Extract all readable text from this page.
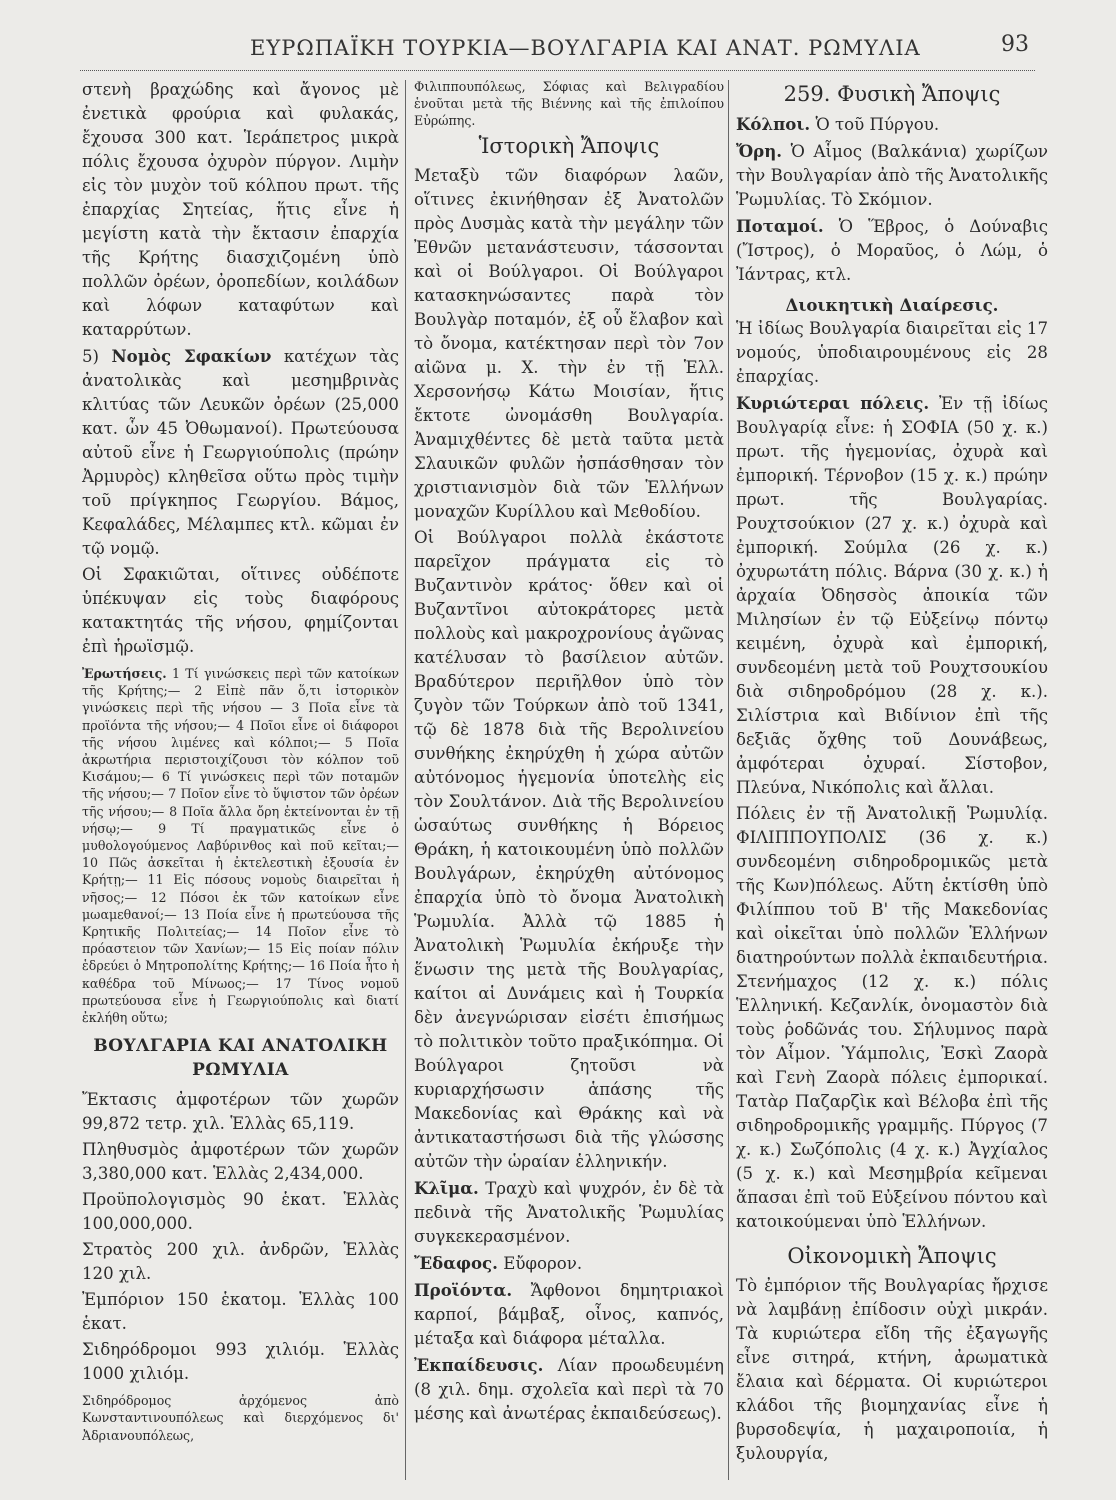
ΕΥΡΩΠΑΪΚΗ ΤΟΥΡΚΙΑ—ΒΟΥΛΓΑΡΙΑ ΚΑΙ ΑΝΑΤ. ΡΩΜΥΛΙΑ	93

στενὴ βραχώδης καὶ ἄγονος μὲ ἐνετικὰ φρούρια καὶ φυλακάς, ἔχουσα 300 κατ. Ἱεράπετρος μικρὰ πόλις ἔχουσα ὀχυρὸν πύργον. Λιμὴν εἰς τὸν μυχὸν τοῦ κόλπου πρωτ. τῆς ἐπαρχίας Σητείας, ἥτις εἶνε ἡ μεγίστη κατὰ τὴν ἔκτασιν ἐπαρχία τῆς Κρήτης διασχιζομένη ὑπὸ πολλῶν ὀρέων, ὀροπεδίων, κοιλάδων καὶ λόφων καταφύτων καὶ καταρρύτων.

5) Νομὸς Σφακίων κατέχων τὰς ἀνατολικὰς καὶ μεσημβρινὰς κλιτύας τῶν Λευκῶν ὀρέων (25,000 κατ. ὧν 45 Ὀθωμανοί). Πρωτεύουσα αὐτοῦ εἶνε ἡ Γεωργιούπολις (πρώην Ἀρμυρὸς) κληθεῖσα οὕτω πρὸς τιμὴν τοῦ πρίγκηπος Γεωργίου. Βάμος, Κεφαλάδες, Μέλαμπες κτλ. κῶμαι ἐν τῷ νομῷ.

Οἱ Σφακιῶται, οἵτινες οὐδέποτε ὑπέκυψαν εἰς τοὺς διαφόρους κατακτητάς τῆς νήσου, φημίζονται ἐπὶ ἡρωϊσμῷ.

Ἐρωτήσεις. 1 Τί γινώσκεις περὶ τῶν κατοίκων τῆς Κρήτης;— 2 Εἰπὲ πᾶν ὅ,τι ἱστορικὸν γινώσκεις περὶ τῆς νήσου — 3 Ποῖα εἶνε τὰ προϊόντα τῆς νήσου;— 4 Ποῖοι εἶνε οἱ διάφοροι τῆς νήσου λιμένες καὶ κόλποι;— 5 Ποῖα ἀκρωτήρια περιστοιχίζουσι τὸν κόλπον τοῦ Κισάμου;— 6 Τί γινώσκεις περὶ τῶν ποταμῶν τῆς νήσου;— 7 Ποῖον εἶνε τὸ ὕψιστον τῶν ὀρέων τῆς νήσου;— 8 Ποῖα ἄλλα ὄρη ἐκτείνονται ἐν τῇ νήσῳ;— 9 Τί πραγματικῶς εἶνε ὁ μυθολογούμενος Λαβύρινθος καὶ ποῦ κεῖται;— 10 Πῶς ἀσκεῖται ἡ ἐκτελεστικὴ ἐξουσία ἐν Κρήτῃ;— 11 Εἰς πόσους νομοὺς διαιρεῖται ἡ νῆσος;— 12 Πόσοι ἐκ τῶν κατοίκων εἶνε μωαμεθανοί;— 13 Ποία εἶνε ἡ πρωτεύουσα τῆς Κρητικῆς Πολιτείας;— 14 Ποῖον εἶνε τὸ πρόαστειον τῶν Χανίων;— 15 Εἰς ποίαν πόλιν ἑδρεύει ὁ Μητροπολίτης Κρήτης;— 16 Ποία ἦτο ἡ καθέδρα τοῦ Μίνωος;— 17 Τίνος νομοῦ πρωτεύουσα εἶνε ἡ Γεωργιούπολις καὶ διατί ἐκλήθη οὕτω;

ΒΟΥΛΓΑΡΙΑ ΚΑΙ ΑΝΑΤΟΛΙΚΗ ΡΩΜΥΛΙΑ

Ἔκτασις ἀμφοτέρων τῶν χωρῶν 99,872 τετρ. χιλ. Ἑλλὰς 65,119.

Πληθυσμὸς ἀμφοτέρων τῶν χωρῶν 3,380,000 κατ. Ἑλλὰς 2,434,000.

Προϋπολογισμὸς 90 ἑκατ. Ἑλλὰς 100,000,000.

Στρατὸς 200 χιλ. ἀνδρῶν, Ἑλλὰς 120 χιλ.

Ἐμπόριον 150 ἑκατομ. Ἑλλὰς 100 ἑκατ.

Σιδηρόδρομοι 993 χιλιόμ. Ἑλλὰς 1000 χιλιόμ.

Σιδηρόδρομος ἀρχόμενος ἀπὸ Κωνσταντινουπόλεως καὶ διερχόμενος δι' Ἀδριανουπόλεως,

Φιλιππουπόλεως, Σόφιας καὶ Βελιγραδίου ἑνοῦται μετὰ τῆς Βιέννης καὶ τῆς ἐπιλοίπου Εὐρώπης.

Ἱστορικὴ Ἄποψις

Μεταξὺ τῶν διαφόρων λαῶν, οἵτινες ἐκινήθησαν ἐξ Ἀνατολῶν πρὸς Δυσμὰς κατὰ τὴν μεγάλην τῶν Ἐθνῶν μετανάστευσιν, τάσσονται καὶ οἱ Βούλγαροι. Οἱ Βούλγαροι κατασκηνώσαντες παρὰ τὸν Βουλγὰρ ποταμόν, ἐξ οὗ ἔλαβον καὶ τὸ ὄνομα, κατέκτησαν περὶ τὸν 7ον αἰῶνα μ. Χ. τὴν ἐν τῇ Ἑλλ. Χερσονήσῳ Κάτω Μοισίαν, ἥτις ἔκτοτε ὠνομάσθη Βουλγαρία. Ἀναμιχθέντες δὲ μετὰ ταῦτα μετὰ Σλαυικῶν φυλῶν ἠσπάσθησαν τὸν χριστιανισμὸν διὰ τῶν Ἑλλήνων μοναχῶν Κυρίλλου καὶ Μεθοδίου.

Οἱ Βούλγαροι πολλὰ ἑκάστοτε παρεῖχον πράγματα εἰς τὸ Βυζαντινὸν κράτος· ὅθεν καὶ οἱ Βυζαντῖνοι αὐτοκράτορες μετὰ πολλοὺς καὶ μακροχρονίους ἀγῶνας κατέλυσαν τὸ βασίλειον αὐτῶν. Βραδύτερον περιῆλθον ὑπὸ τὸν ζυγὸν τῶν Τούρκων ἀπὸ τοῦ 1341, τῷ δὲ 1878 διὰ τῆς Βερολινείου συνθήκης ἐκηρύχθη ἡ χώρα αὐτῶν αὐτόνομος ἡγεμονία ὑποτελὴς εἰς τὸν Σουλτάνον. Διὰ τῆς Βερολινείου ὡσαύτως συνθήκης ἡ Βόρειος Θράκη, ἡ κατοικουμένη ὑπὸ πολλῶν Βουλγάρων, ἐκηρύχθη αὐτόνομος ἐπαρχία ὑπὸ τὸ ὄνομα Ἀνατολικὴ Ῥωμυλία. Ἀλλὰ τῷ 1885 ἡ Ἀνατολικὴ Ῥωμυλία ἐκήρυξε τὴν ἕνωσιν της μετὰ τῆς Βουλγαρίας, καίτοι αἱ Δυνάμεις καὶ ἡ Τουρκία δὲν ἀνεγνώρισαν εἰσέτι ἐπισήμως τὸ πολιτικὸν τοῦτο πραξικόπημα. Οἱ Βούλγαροι ζητοῦσι νὰ κυριαρχήσωσιν ἁπάσης τῆς Μακεδονίας καὶ Θράκης καὶ νὰ ἀντικαταστήσωσι διὰ τῆς γλώσσης αὐτῶν τὴν ὡραίαν ἑλληνικήν.

Κλῖμα. Τραχὺ καὶ ψυχρόν, ἐν δὲ τὰ πεδινὰ τῆς Ἀνατολικῆς Ῥωμυλίας συγκεκερασμένον.

Ἔδαφος. Εὔφορον.

Προϊόντα. Ἄφθονοι δημητριακοὶ καρποί, βάμβαξ, οἶνος, καπνός, μέταξα καὶ διάφορα μέταλλα.

Ἐκπαίδευσις. Λίαν προωδευμένη (8 χιλ. δημ. σχολεῖα καὶ περὶ τὰ 70 μέσης καὶ ἀνωτέρας ἐκπαιδεύσεως).

259. Φυσικὴ Ἄποψις

Κόλποι. Ὁ τοῦ Πύργου.

Ὄρη. Ὁ Αἷμος (Βαλκάνια) χωρίζων τὴν Βουλγαρίαν ἀπὸ τῆς Ἀνατολικῆς Ῥωμυλίας. Τὸ Σκόμιον.

Ποταμοί. Ὁ Ἕβρος, ὁ Δούναβις (Ἴστρος), ὁ Μοραῦος, ὁ Λώμ, ὁ Ἰάντρας, κτλ.

Διοικητικὴ Διαίρεσις.

Ἡ ἰδίως Βουλγαρία διαιρεῖται εἰς 17 νομούς, ὑποδιαιρουμένους εἰς 28 ἐπαρχίας.

Κυριώτεραι πόλεις. Ἐν τῇ ἰδίως Βουλγαρίᾳ εἶνε: ἡ ΣΟΦΙΑ (50 χ. κ.) πρωτ. τῆς ἡγεμονίας, ὀχυρὰ καὶ ἐμπορική. Τέρνοβον (15 χ. κ.) πρώην πρωτ. τῆς Βουλγαρίας. Ρουχτσούκιον (27 χ. κ.) ὀχυρὰ καὶ ἐμπορική. Σούμλα (26 χ. κ.) ὀχυρωτάτη πόλις. Βάρνα (30 χ. κ.) ἡ ἀρχαία Ὀδησσὸς ἀποικία τῶν Μιλησίων ἐν τῷ Εὐξείνῳ πόντῳ κειμένη, ὀχυρὰ καὶ ἐμπορική, συνδεομένη μετὰ τοῦ Ρουχτσουκίου διὰ σιδηροδρόμου (28 χ. κ.). Σιλίστρια καὶ Βιδίνιον ἐπὶ τῆς δεξιᾶς ὄχθης τοῦ Δουνάβεως, ἀμφότεραι ὀχυραί. Σίστοβον, Πλεύνα, Νικόπολις καὶ ἄλλαι.

Πόλεις ἐν τῇ Ἀνατολικῇ Ῥωμυλίᾳ. ΦΙΛΙΠΠΟΥΠΟΛΙΣ (36 χ. κ.) συνδεομένη σιδηροδρομικῶς μετὰ τῆς Κων)πόλεως. Αὕτη ἐκτίσθη ὑπὸ Φιλίππου τοῦ Β' τῆς Μακεδονίας καὶ οἰκεῖται ὑπὸ πολλῶν Ἑλλήνων διατηρούντων πολλὰ ἐκπαιδευτήρια. Στενήμαχος (12 χ. κ.) πόλις Ἑλληνική. Κεζανλίκ, ὀνομαστὸν διὰ τοὺς ῥοδῶνάς του. Σήλυμνος παρὰ τὸν Αἷμον. Ὑάμπολις, Ἐσκὶ Ζαορὰ καὶ Γενὴ Ζαορὰ πόλεις ἐμπορικαί. Τατὰρ Παζαρζὶκ καὶ Βέλοβα ἐπὶ τῆς σιδηροδρομικῆς γραμμῆς. Πύργος (7 χ. κ.) Σωζόπολις (4 χ. κ.) Ἀγχίαλος (5 χ. κ.) καὶ Μεσημβρία κεῖμεναι ἅπασαι ἐπὶ τοῦ Εὐξείνου πόντου καὶ κατοικούμεναι ὑπὸ Ἑλλήνων.

Οἰκονομικὴ Ἄποψις

Τὸ ἐμπόριον τῆς Βουλγαρίας ἤρχισε νὰ λαμβάνῃ ἐπίδοσιν οὐχὶ μικράν. Τὰ κυριώτερα εἴδη τῆς ἐξαγωγῆς εἶνε σιτηρά, κτήνη, ἀρωματικὰ ἔλαια καὶ δέρματα. Οἱ κυριώτεροι κλάδοι τῆς βιομηχανίας εἶνε ἡ βυρσοδεψία, ἡ μαχαιροποιία, ἡ ξυλουργία,
